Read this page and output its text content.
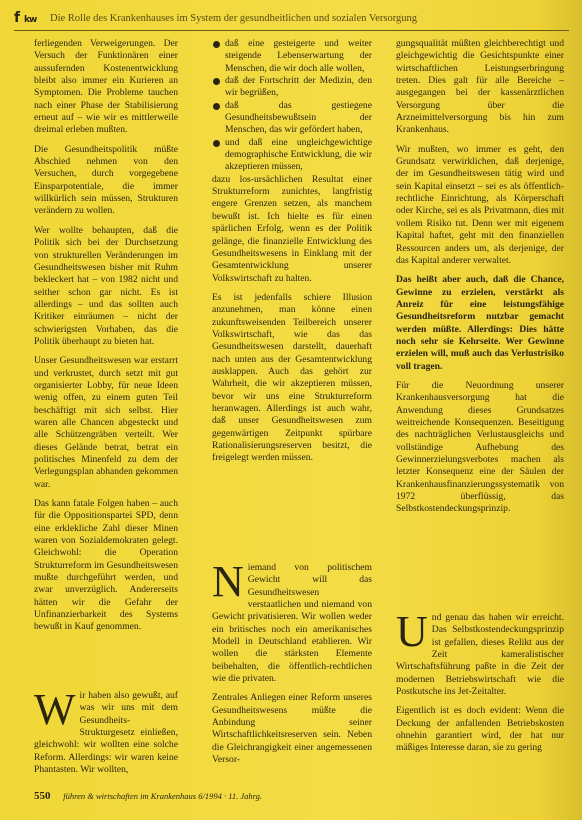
f kw Die Rolle des Krankenhauses im System der gesundheitlichen und sozialen Versorgung

ferliegenden Verweigerungen. Der Versuch der Funktionären einer aussufernden Kostenentwicklung bleibt also immer ein Kurieren an Symptomen. Die Probleme tauchen nach einer Phase der Stabilisierung erneut auf – wie wir es mittlerweile dreimal erleben mußten.

Die Gesundheitspolitik müßte Abschied nehmen von den Versuchen, durch vorgegebene Einsparpotentiale, die immer willkürlich sein müssen, Strukturen verändern zu wollen.

Wer wollte behaupten, daß die Politik sich bei der Durchsetzung von strukturellen Veränderungen im Gesundheitswesen bisher mit Ruhm bekleckert hat – von 1982 nicht und seither schon gar nicht. Es ist allerdings – und das sollten auch Kritiker einräumen – nicht der schwierigsten Vorhaben, das die Politik überhaupt zu bieten hat.

Unser Gesundheitswesen war erstarrt und verkrustet, durch setzt mit gut organisierter Lobby, für neue Ideen wenig offen, zu einem guten Teil beschäftigt mit sich selbst. Hier waren alle Chancen abgesteckt und alle Schützengräben verteilt. Wer dieses Gelände betrat, betrat ein politisches Minenfeld zu dem der Verlegungsplan abhanden gekommen war.

Das kann fatale Folgen haben – auch für die Oppositionspartei SPD, denn eine erklekliche Zahl dieser Minen waren von Sozialdemokraten gelegt. Gleichwohl: die Operation Strukturreform im Gesundheitswesen mußte durchgeführt werden, und zwar unverzüglich. Andererseits hätten wir die Gefahr der Unfinanzierbarkeit des Systems bewußt in Kauf genommen.

Wir haben also gewußt, auf was wir uns mit dem Gesundheits-Strukturgesetz einließen, gleichwohl: wir wollten eine solche Reform. Allerdings: wir waren keine Phantasten. Wir wollten,

daß eine gesteigerte und weiter steigende Lebenserwartung der Menschen, die wir doch alle wollen,
daß der Fortschritt der Medizin, den wir begrüßen,
daß das gestiegene Gesundheitsbewußtsein der Menschen, das wir gefördert haben,
und daß eine ungleichgewichtige demographische Entwicklung, die wir akzeptieren müssen,

dazu los-ursächlichen Resultat einer Strukturreform zunichtes, langfristig engere Grenzen setzen, als manchem bewußt ist. Ich hielte es für einen spärlichen Erfolg, wenn es der Politik gelänge, die finanzielle Entwicklung des Gesundheitswesens in Einklang mit der Gesamtentwicklung unserer Volkswirtschaft zu halten.

Es ist jedenfalls schiere Illusion anzunehmen, man könne einen zukunftsweisenden Teilbereich unserer Volkswirtschaft, wie das das Gesundheitswesen darstellt, dauerhaft nach unten aus der Gesamtentwicklung ausklappen. Auch das gehört zur Wahrheit, die wir akzeptieren müssen, bevor wir uns eine Strukturreform heranwagen. Allerdings ist auch wahr, daß unser Gesundheitswesen zum gegenwärtigen Zeitpunkt spürbare Rationalisierungsreserven besitzt, die freigelegt werden müssen.

Niemand von politischem Gewicht will das Gesundheitswesen verstaatlichen und niemand von Gewicht privatisieren. Wir wollen weder ein britisches noch ein amerikanisches Modell in Deutschland etablieren. Wir wollen die stärksten Elemente beibehalten, die öffentlich-rechtlichen wie die privaten.

Zentrales Anliegen einer Reform unseres Gesundheitswesens müßte die Anbindung seiner Wirtschaftlichkeitsreserven sein. Neben die Gleichrangigkeit einer angemessenen Versor-

gungsqualität müßten gleichberechtigt und gleichgewichtig die Gesichtspunkte einer wirtschaftlichen Leistungserbringung treten. Dies galt für alle Bereiche – ausgegangen bei der kassenärztlichen Versorgung über die Arzneimittelversorgung bis hin zum Krankenhaus.

Wir mußten, wo immer es geht, den Grundsatz verwirklichen, daß derjenige, der im Gesundheitswesen tätig wird und sein Kapital einsetzt – sei es als öffentlich-rechtliche Einrichtung, als Körperschaft oder Kirche, sei es als Privatmann, dies mit vollem Risiko tut. Denn wer mit eigenem Kapital haftet, geht mit den finanziellen Ressourcen anders um, als derjenige, der das Kapital anderer verwaltet.

Das heißt aber auch, daß die Chance, Gewinne zu erzielen, verstärkt als Anreiz für eine leistungsfähige Gesundheitsreform nutzbar gemacht werden müßte. Allerdings: Dies hätte noch sehr sie Kehrseite. Wer Gewinne erzielen will, muß auch das Verlustrisiko voll tragen.

Für die Neuordnung unserer Krankenhausversorgung hat die Anwendung dieses Grundsatzes weitreichende Konsequenzen. Beseitigung des nachträglichen Verlustausgleichs und vollständige Aufhebung des Gewinnerzielungsverbotes machen als letzter Konsequenz eine der Säulen der Krankenhausfinanzierungssystematik von 1972 überflüssig, das Selbstkostendeckungsprinzip.

Und genau das haben wir erreicht. Das Selbstkostendeckungsprinzip ist gefallen, dieses Relikt aus der Zeit kameralistischer Wirtschaftsführung paßte in die Zeit der modernen Betriebswirtschaft wie die Postkutsche ins Jet-Zeitalter.

Eigentlich ist es doch evident: Wenn die Deckung der anfallenden Betriebskosten ohnehin garantiert wird, der hat nur mäßiges Interesse daran, sie zu gering

550 führen & wirtschaften im Krankenhaus 6/1994 · 11. Jahrg.
